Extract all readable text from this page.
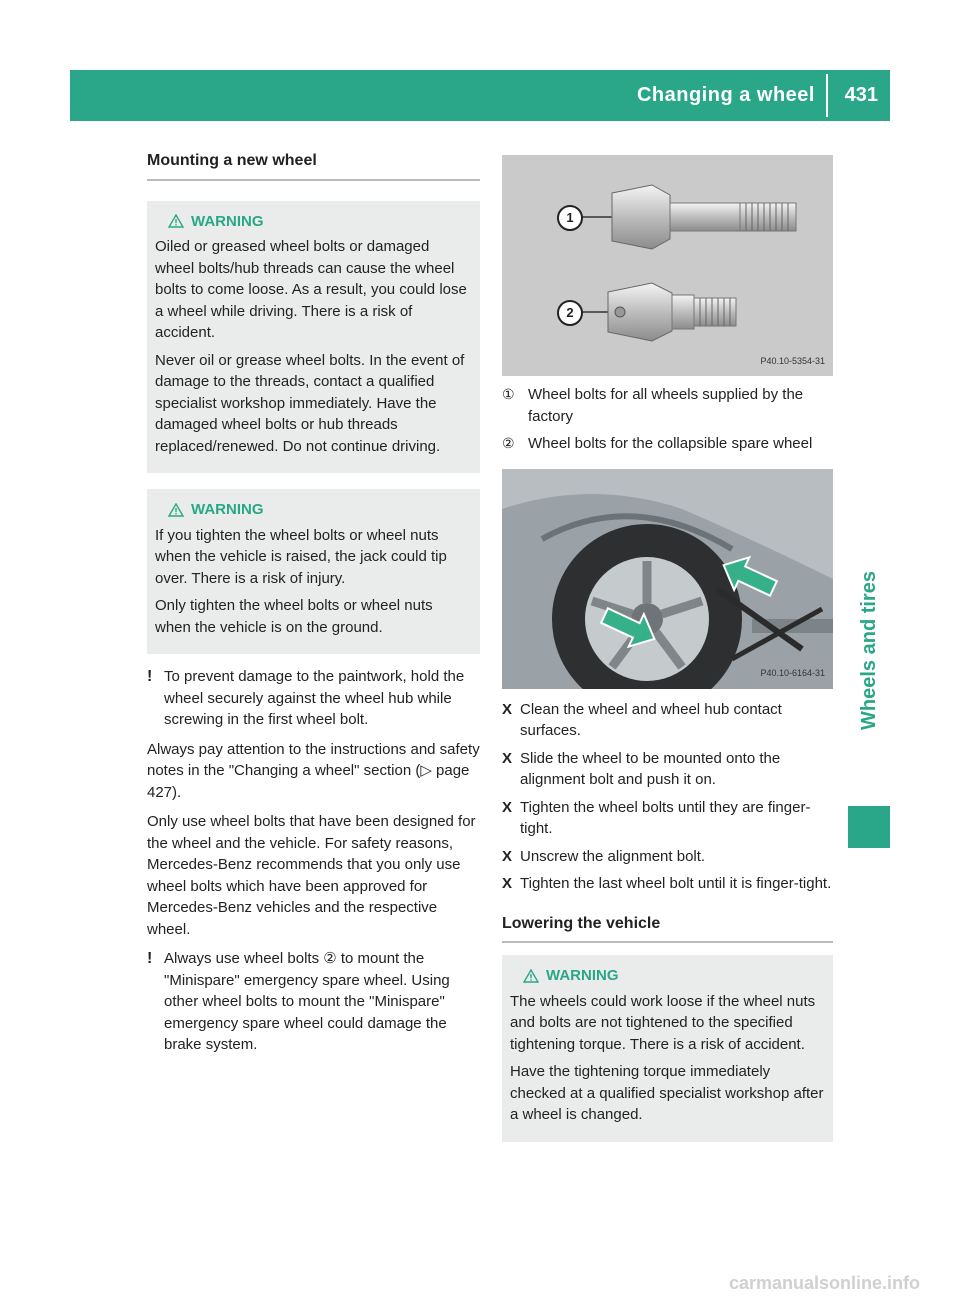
Changing a wheel 431
Wheels and tires
Mounting a new wheel
WARNING

Oiled or greased wheel bolts or damaged wheel bolts/hub threads can cause the wheel bolts to come loose. As a result, you could lose a wheel while driving. There is a risk of accident.

Never oil or grease wheel bolts. In the event of damage to the threads, contact a qualified specialist workshop immediately. Have the damaged wheel bolts or hub threads replaced/renewed. Do not continue driving.

WARNING

If you tighten the wheel bolts or wheel nuts when the vehicle is raised, the jack could tip over. There is a risk of injury.

Only tighten the wheel bolts or wheel nuts when the vehicle is on the ground.

! To prevent damage to the paintwork, hold the wheel securely against the wheel hub while screwing in the first wheel bolt.

Always pay attention to the instructions and safety notes in the "Changing a wheel" section (▷ page 427).

Only use wheel bolts that have been designed for the wheel and the vehicle. For safety reasons, Mercedes-Benz recommends that you only use wheel bolts which have been approved for Mercedes-Benz vehicles and the respective wheel.

! Always use wheel bolts ② to mount the "Minispare" emergency spare wheel. Using other wheel bolts to mount the "Minispare" emergency spare wheel could damage the brake system.
1
2
P40.10-5354-31
① Wheel bolts for all wheels supplied by the factory
② Wheel bolts for the collapsible spare wheel
P40.10-6164-31
X Clean the wheel and wheel hub contact surfaces.
X Slide the wheel to be mounted onto the alignment bolt and push it on.
X Tighten the wheel bolts until they are finger-tight.
X Unscrew the alignment bolt.
X Tighten the last wheel bolt until it is finger-tight.
Lowering the vehicle
WARNING

The wheels could work loose if the wheel nuts and bolts are not tightened to the specified tightening torque. There is a risk of accident.

Have the tightening torque immediately checked at a qualified specialist workshop after a wheel is changed.

carmanualsonline.info
